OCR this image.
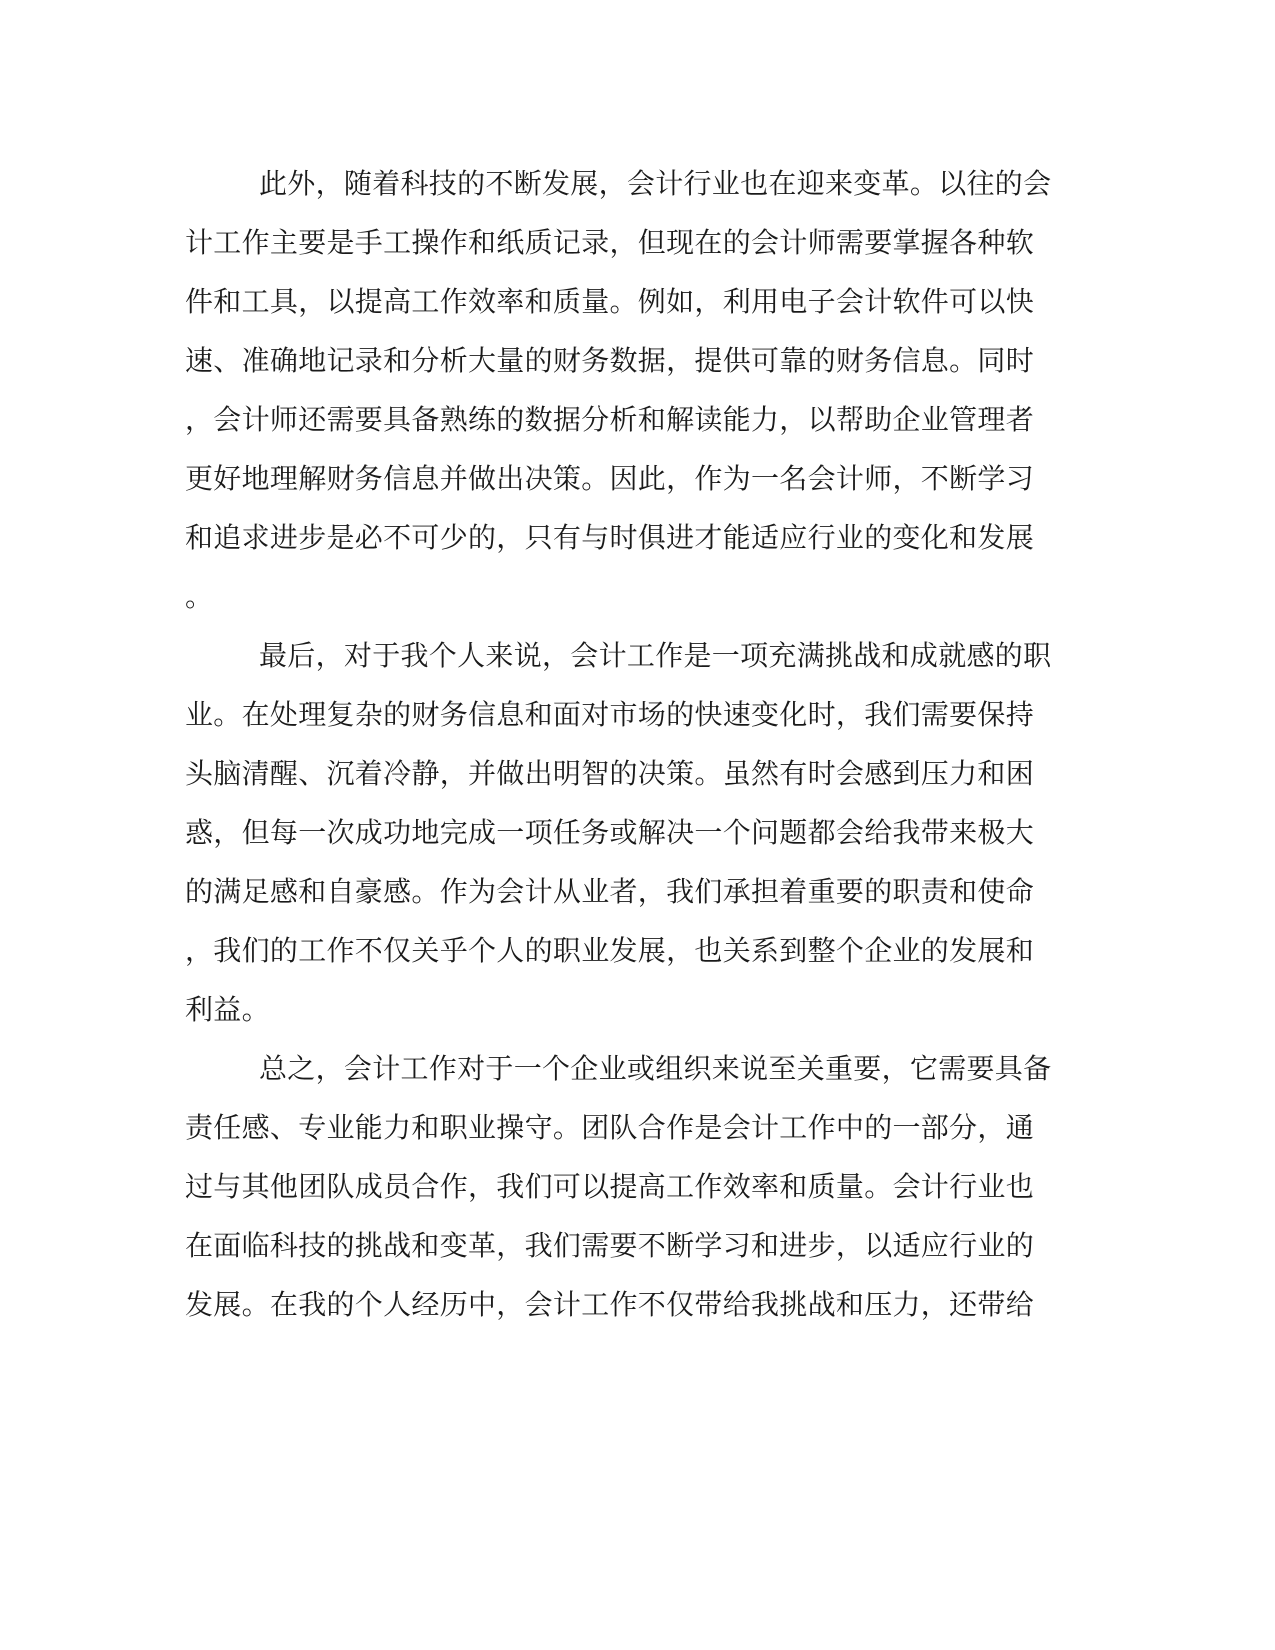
此外，随着科技的不断发展，会计行业也在迎来变革。以往的会
计工作主要是手工操作和纸质记录，但现在的会计师需要掌握各种软
件和工具，以提高工作效率和质量。例如，利用电子会计软件可以快
速、准确地记录和分析大量的财务数据，提供可靠的财务信息。同时
，会计师还需要具备熟练的数据分析和解读能力，以帮助企业管理者
更好地理解财务信息并做出决策。因此，作为一名会计师，不断学习
和追求进步是必不可少的，只有与时俱进才能适应行业的变化和发展
。
最后，对于我个人来说，会计工作是一项充满挑战和成就感的职
业。在处理复杂的财务信息和面对市场的快速变化时，我们需要保持
头脑清醒、沉着冷静，并做出明智的决策。虽然有时会感到压力和困
惑，但每一次成功地完成一项任务或解决一个问题都会给我带来极大
的满足感和自豪感。作为会计从业者，我们承担着重要的职责和使命
，我们的工作不仅关乎个人的职业发展，也关系到整个企业的发展和
利益。
总之，会计工作对于一个企业或组织来说至关重要，它需要具备
责任感、专业能力和职业操守。团队合作是会计工作中的一部分，通
过与其他团队成员合作，我们可以提高工作效率和质量。会计行业也
在面临科技的挑战和变革，我们需要不断学习和进步，以适应行业的
发展。在我的个人经历中，会计工作不仅带给我挑战和压力，还带给
